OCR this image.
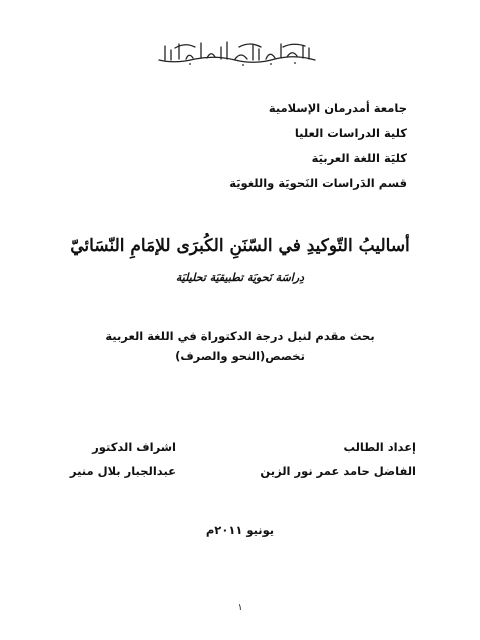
جامعة أمدرمان الإسلامية
كلية الدراسات العليا
كليَة اللغة العربيَة
قسم الدَراسات النَحويَة واللغويَة
أساليبُ التّوكيدِ في السّنَنِ الكُبرَى للإمَامِ النّسَائيّ
دِراسَة نَحويَة تطبيقيَة تحليليَة
بحث مقدم لنيل درجة الدكتوراة في اللغة العربية
تخصص(النحو والصرف)
إعداد الطالب
الفاضل حامد عمر نور الزين
اشراف الدكتور
عبدالجبار بلال منير
يونيو ٢٠١١م
١
